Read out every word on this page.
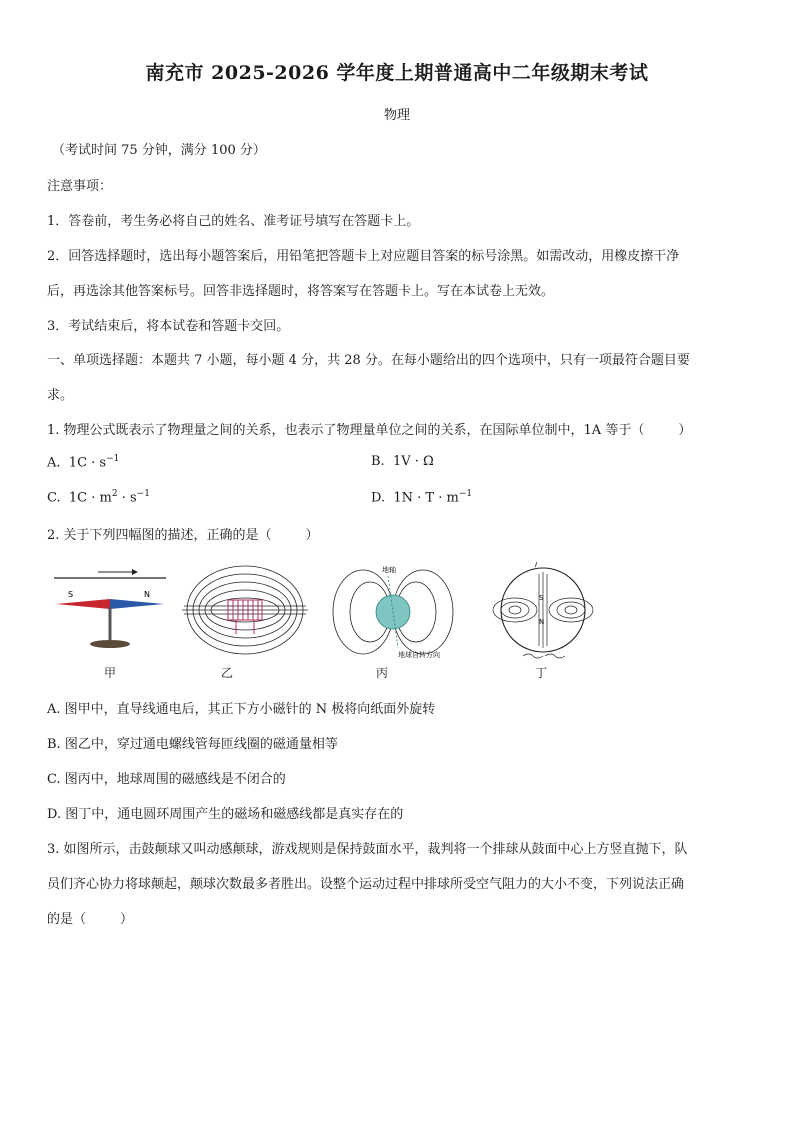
南充市 2025-2026 学年度上期普通高中二年级期末考试
物理
（考试时间 75 分钟，满分 100 分）
注意事项：
1．答卷前，考生务必将自己的姓名、准考证号填写在答题卡上。
2．回答选择题时，选出每小题答案后，用铅笔把答题卡上对应题目答案的标号涂黑。如需改动，用橡皮擦干净
后，再选涂其他答案标号。回答非选择题时，将答案写在答题卡上。写在本试卷上无效。
3．考试结束后，将本试卷和答题卡交回。
一、单项选择题：本题共 7 小题，每小题 4 分，共 28 分。在每小题给出的四个选项中，只有一项最符合题目要
求。
1. 物理公式既表示了物理量之间的关系，也表示了物理量单位之间的关系，在国际单位制中，1A 等于（	）
A. $1C \cdot s^{-1}$	B. 1V · Ω
C. $1C \cdot m^2 \cdot s^{-1}$	D. $1N \cdot T \cdot m^{-1}$
2. 关于下列四幅图的描述，正确的是（	）
S	N
甲	乙
地轴
地球自转方向
丙
I
S
N
丁
A. 图甲中，直导线通电后，其正下方小磁针的 N 极将向纸面外旋转
B. 图乙中，穿过通电螺线管每匝线圈的磁通量相等
C. 图丙中，地球周围的磁感线是不闭合的
D. 图丁中，通电圆环周围产生的磁场和磁感线都是真实存在的
3. 如图所示，击鼓颠球又叫动感颠球，游戏规则是保持鼓面水平，裁判将一个排球从鼓面中心上方竖直抛下，队
员们齐心协力将球颠起，颠球次数最多者胜出。设整个运动过程中排球所受空气阻力的大小不变，下列说法正确
的是（	）
